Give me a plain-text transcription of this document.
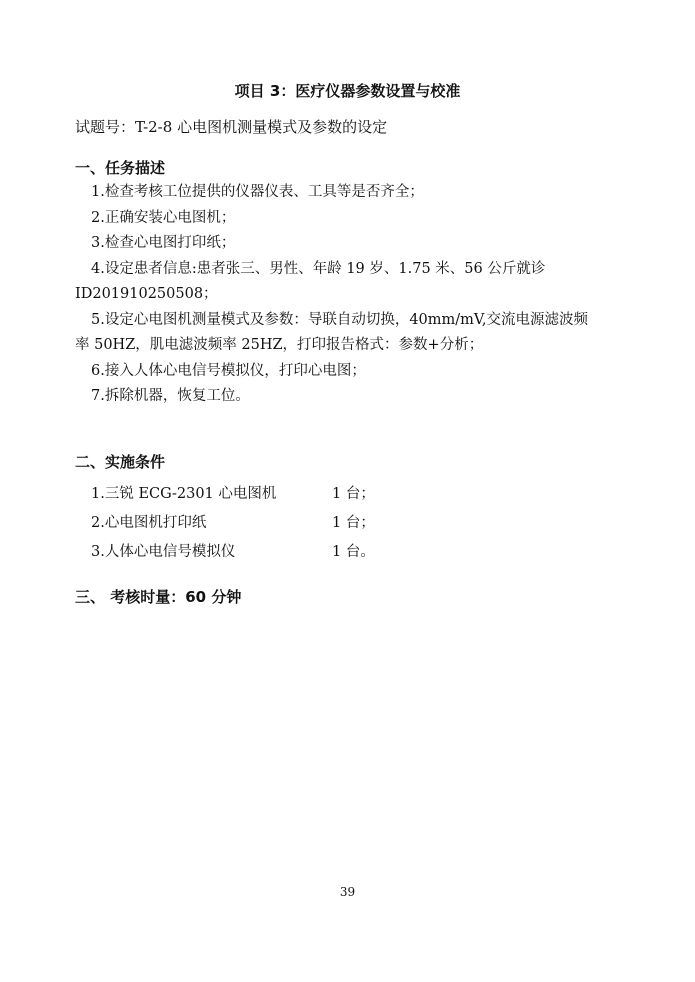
项目 3：医疗仪器参数设置与校准
试题号：T-2-8 心电图机测量模式及参数的设定
一、任务描述

1.检查考核工位提供的仪器仪表、工具等是否齐全；

2.正确安装心电图机；

3.检查心电图打印纸；

4.设定患者信息:患者张三、男性、年龄 19 岁、1.75 米、56 公斤就诊
ID201910250508；

5.设定心电图机测量模式及参数：导联自动切换，40mm/mV,交流电源滤波频
率 50HZ，肌电滤波频率 25HZ，打印报告格式：参数+分析；

6.接入人体心电信号模拟仪，打印心电图；

7.拆除机器，恢复工位。

二、实施条件
1.三锐 ECG-2301 心电图机	1 台；
2.心电图机打印纸	1 台；
3.人体心电信号模拟仪	1 台。
三、 考核时量：60 分钟
39
